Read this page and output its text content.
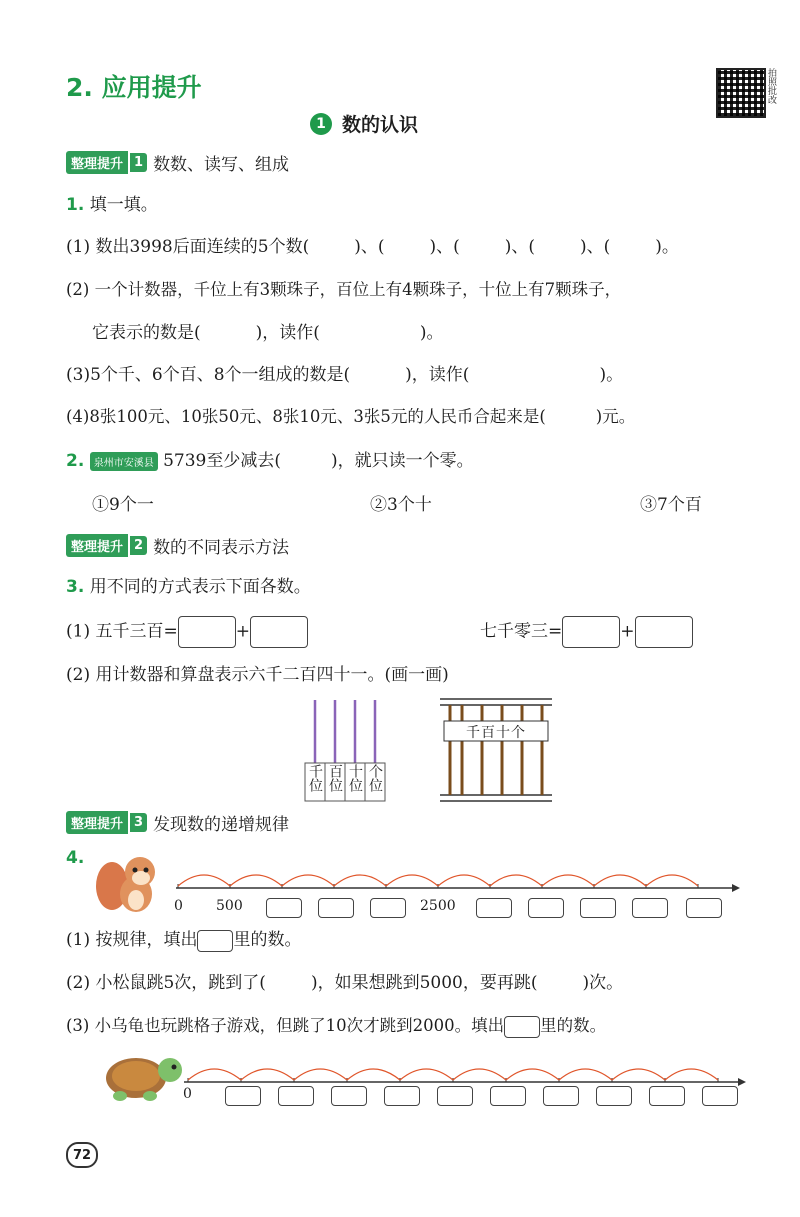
2. 应用提升	拍照批改
1 数的认识
整理提升 1 数数、读写、组成
1. 填一填。
(1) 数出3998后面连续的5个数(	)、(	)、(	)、(	)、(	)。
(2) 一个计数器，千位上有3颗珠子，百位上有4颗珠子，十位上有7颗珠子，
它表示的数是(	)，读作(	)。
(3)5个千、6个百、8个一组成的数是(	)，读作(	)。
(4)8张100元、10张50元、8张10元、3张5元的人民币合起来是(	)元。
2. 泉州市安溪县 5739至少减去(	)，就只读一个零。
①9个一	②3个十	③7个百
整理提升 2 数的不同表示方法
3. 用不同的方式表示下面各数。
(1) 五千三百=	+	七千零三=	+
(2) 用计数器和算盘表示六千二百四十一。(画一画)
千位 百位 十位 个位
千百十个
整理提升 3 发现数的递增规律
4.
0 500	2500
(1) 按规律，填出 里的数。
(2) 小松鼠跳5次，跳到了(	)，如果想跳到5000，要再跳(	)次。
(3) 小乌龟也玩跳格子游戏，但跳了10次才跳到2000。填出 里的数。
0
72
